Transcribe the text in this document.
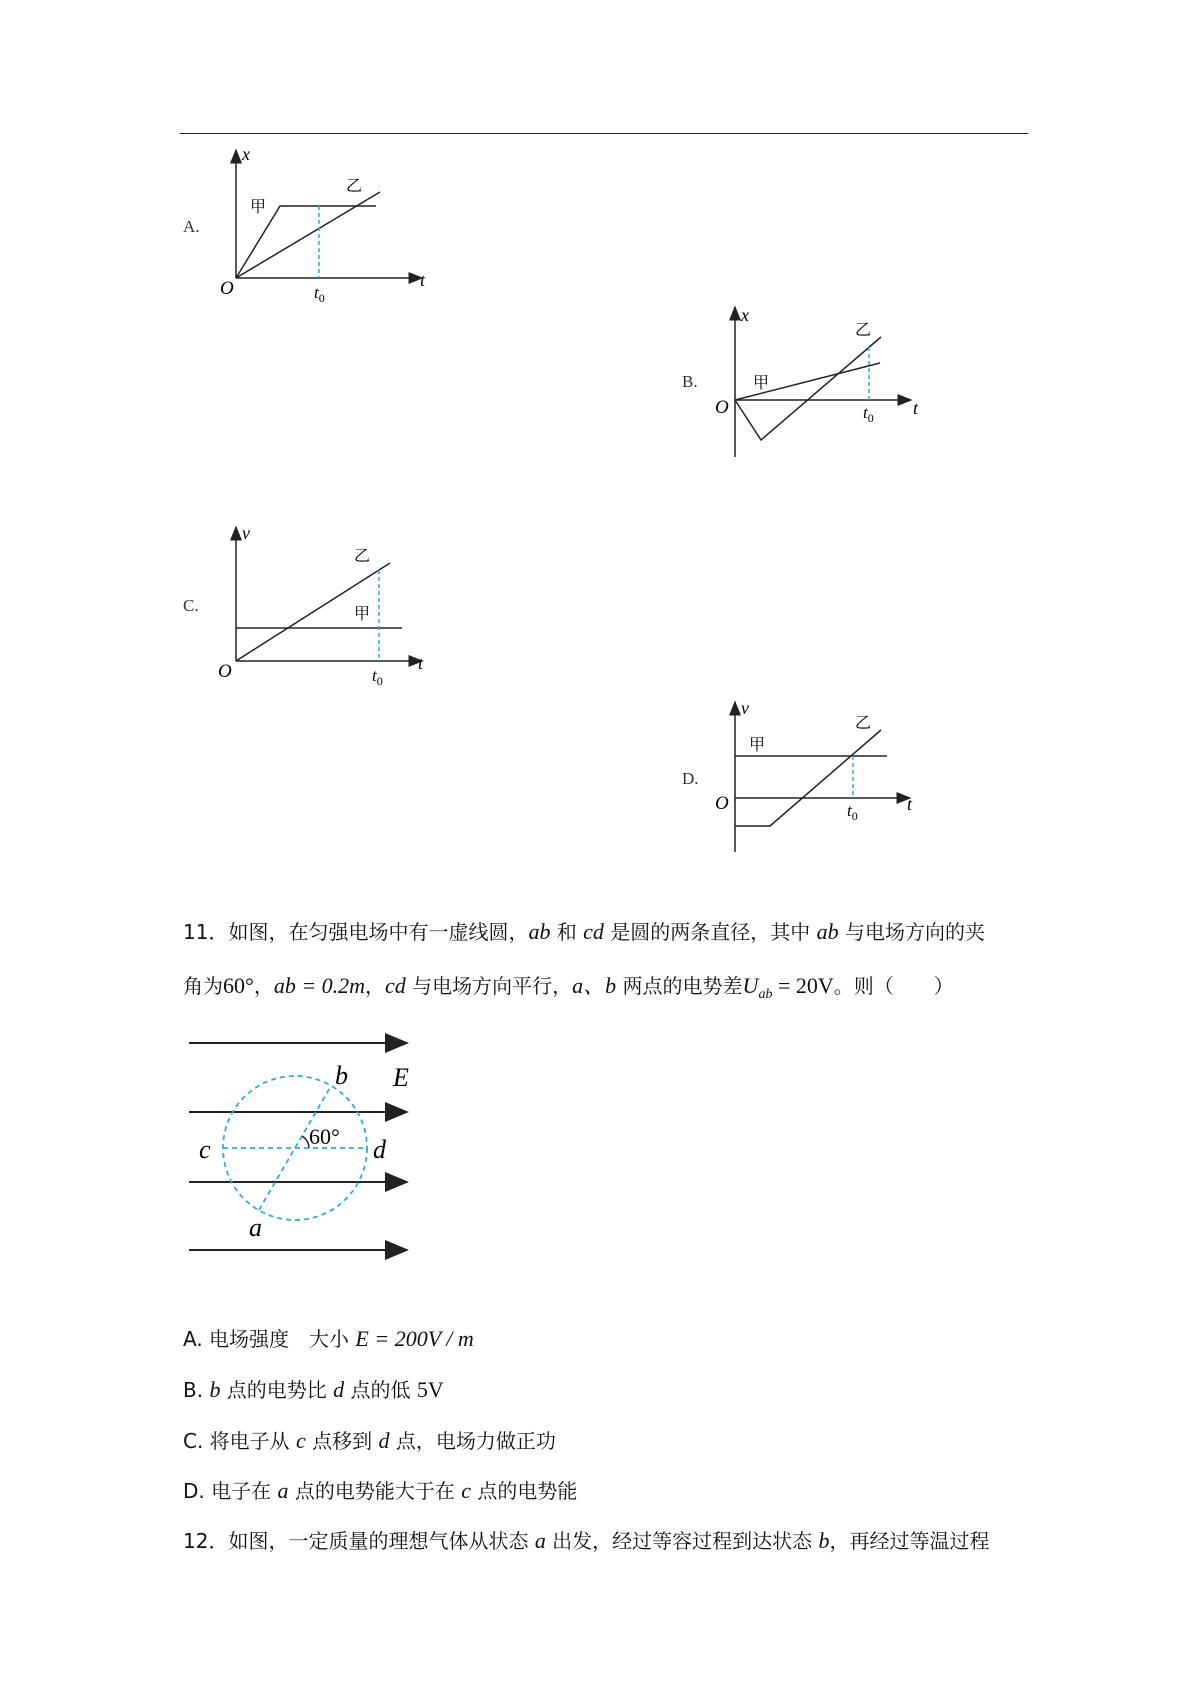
A.
x
t
O	$t_0$
甲
乙
B.
x
t
O	$t_0$
甲
乙
C.
v
t
O	$t_0$
甲
乙
D.
v
t
O	$t_0$
甲
乙
11．如图，在匀强电场中有一虚线圆，ab 和 cd 是圆的两条直径，其中 ab 与电场方向的夹
角为60°，ab = 0.2m，cd 与电场方向平行，a、b 两点的电势差$U_{ab} = 20V$。则（　　）
b E
c	d
60°
a
A. 电场强度　大小 E = 200V / m
B. b 点的电势比 d 点的低 5V
C. 将电子从 c 点移到 d 点，电场力做正功
D. 电子在 a 点的电势能大于在 c 点的电势能
12．如图，一定质量的理想气体从状态 a 出发，经过等容过程到达状态 b，再经过等温过程
